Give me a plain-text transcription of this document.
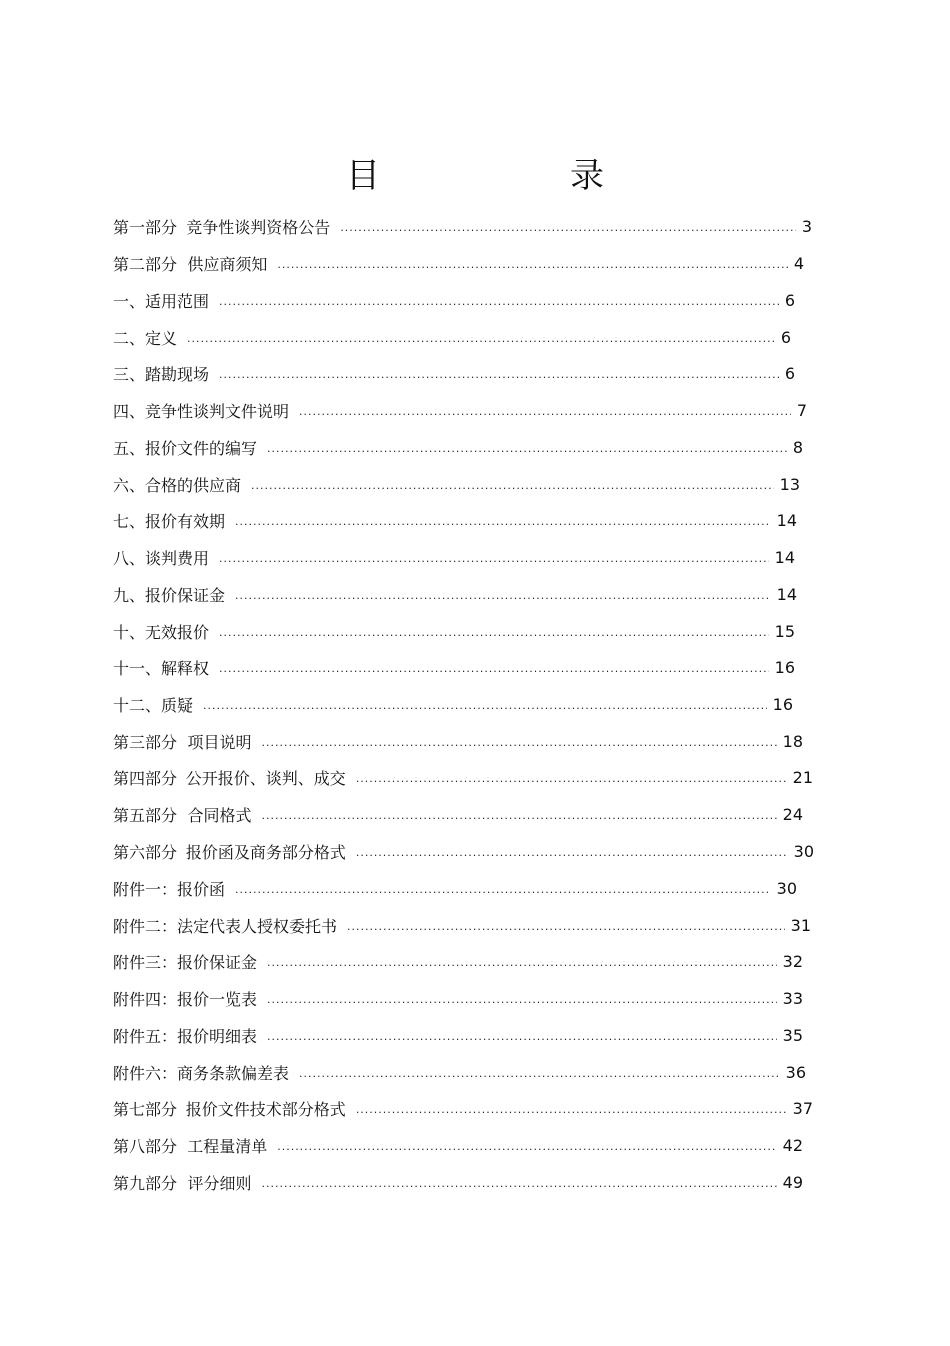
目　录
第一部分 竞争性谈判资格公告 .....	3
第二部分 供应商须知 .....	4
一、适用范围 .....	6
二、定义 .....	6
三、踏勘现场 .....	6
四、竞争性谈判文件说明 .....	7
五、报价文件的编写 .....	8
六、合格的供应商 .....	13
七、报价有效期 .....	14
八、谈判费用 .....	14
九、报价保证金 .....	14
十、无效报价 .....	15
十一、解释权 .....	16
十二、质疑 .....	16
第三部分 项目说明 .....	18
第四部分 公开报价、谈判、成交 .....	21
第五部分 合同格式 .....	24
第六部分 报价函及商务部分格式 .....	30
附件一：报价函 .....	30
附件二：法定代表人授权委托书 .....	31
附件三：报价保证金 .....	32
附件四：报价一览表 .....	33
附件五：报价明细表 .....	35
附件六：商务条款偏差表 .....	36
第七部分 报价文件技术部分格式 .....	37
第八部分 工程量清单 .....	42
第九部分 评分细则 .....	49
